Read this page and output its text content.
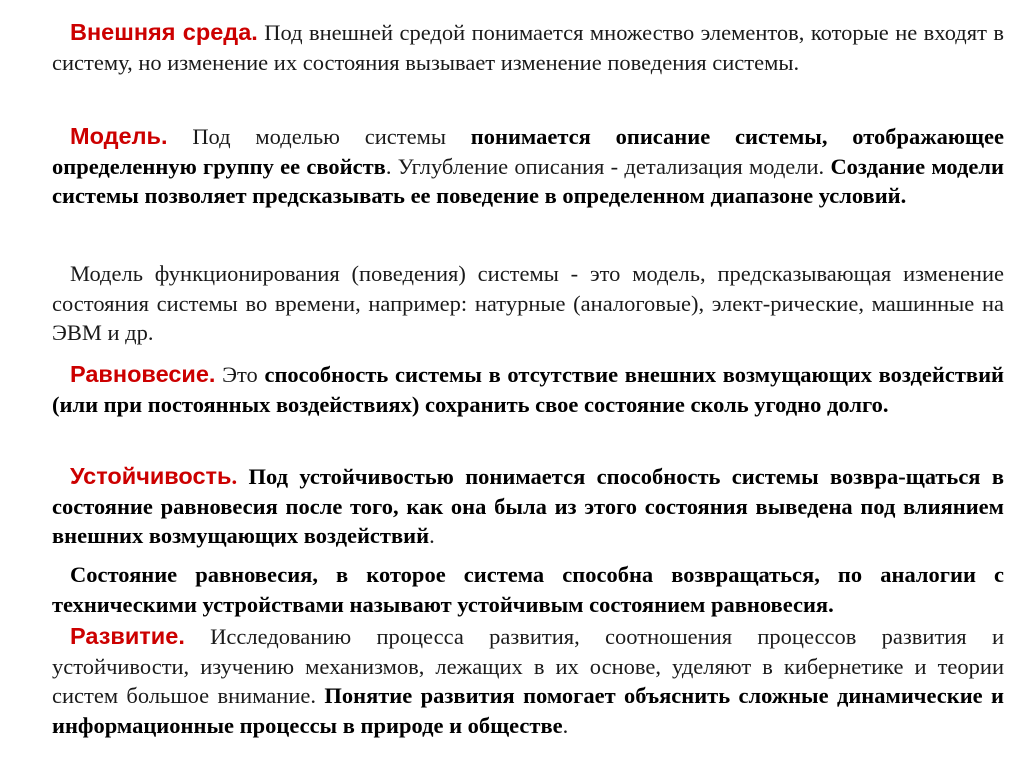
Внешняя среда. Под внешней средой понимается множество элементов, которые не входят в систему, но изменение их состояния вызывает изменение поведения системы.

Модель. Под моделью системы понимается описание системы, отображающее определенную группу ее свойств. Углубление описания - детализация модели. Создание модели системы позволяет предсказывать ее поведение в определенном диапазоне условий.

Модель функционирования (поведения) системы - это модель, предсказывающая изменение состояния системы во времени, например: натурные (аналоговые), элект-рические, машинные на ЭВМ и др.

Равновесие. Это способность системы в отсутствие внешних возмущающих воздействий (или при постоянных воздействиях) сохранить свое состояние сколь угодно долго.

Устойчивость. Под устойчивостью понимается способность системы возвра-щаться в состояние равновесия после того, как она была из этого состояния выведена под влиянием внешних возмущающих воздействий.

Состояние равновесия, в которое система способна возвращаться, по аналогии с техническими устройствами называют устойчивым состоянием равновесия.

Развитие. Исследованию процесса развития, соотношения процессов развития и устойчивости, изучению механизмов, лежащих в их основе, уделяют в кибернетике и теории систем большое внимание. Понятие развития помогает объяснить сложные динамические и информационные процессы в природе и обществе.
